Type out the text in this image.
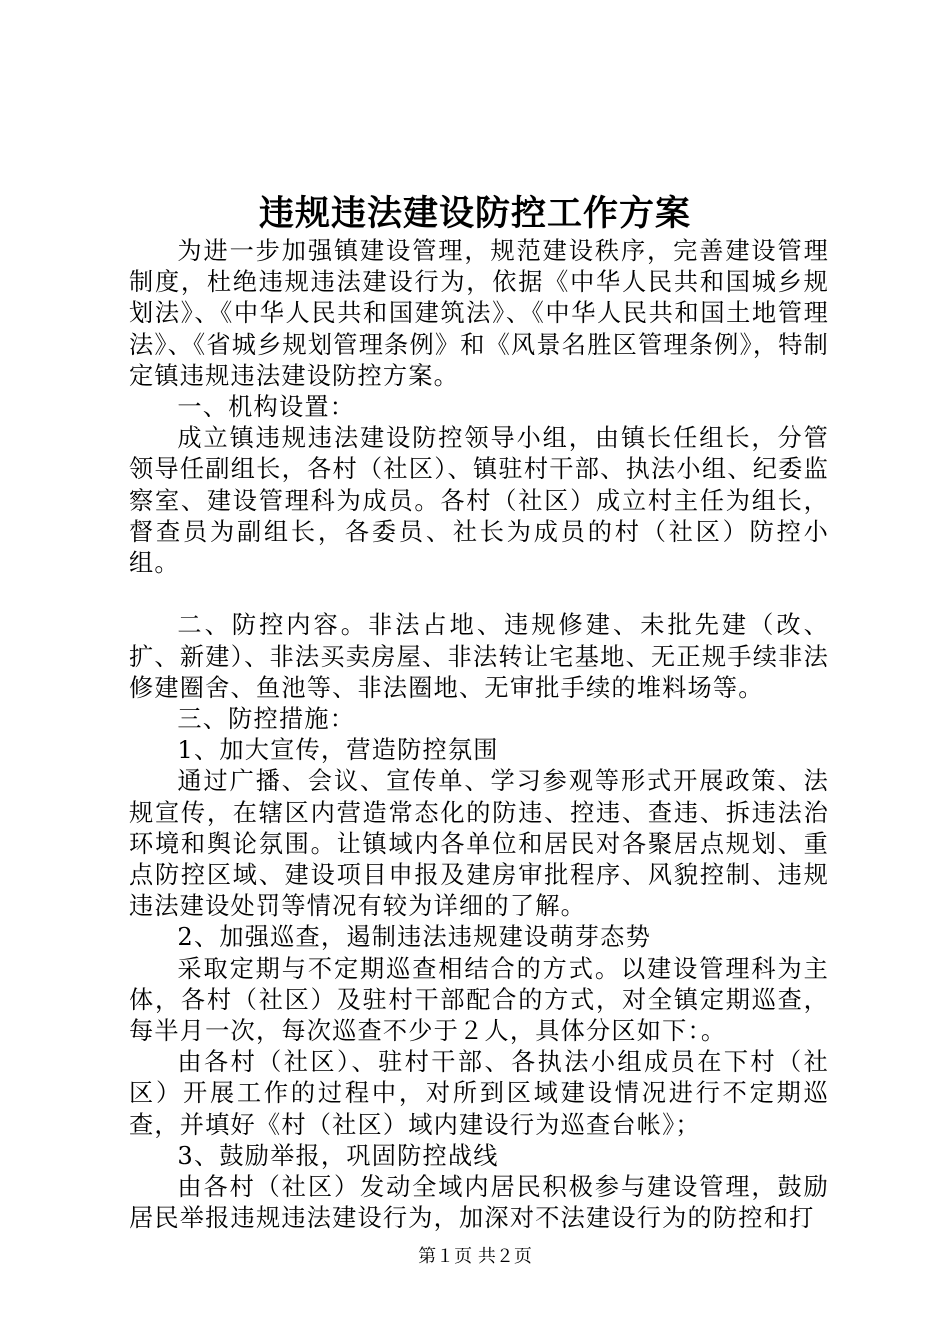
违规违法建设防控工作方案

为进一步加强镇建设管理，规范建设秩序，完善建设管理制度，杜绝违规违法建设行为，依据《中华人民共和国城乡规划法》、《中华人民共和国建筑法》、《中华人民共和国土地管理法》、《省城乡规划管理条例》和《风景名胜区管理条例》，特制定镇违规违法建设防控方案。

一、机构设置：

成立镇违规违法建设防控领导小组，由镇长任组长，分管领导任副组长，各村（社区）、镇驻村干部、执法小组、纪委监察室、建设管理科为成员。各村（社区）成立村主任为组长，督查员为副组长，各委员、社长为成员的村（社区）防控小组。

二、防控内容。非法占地、违规修建、未批先建（改、扩、新建）、非法买卖房屋、非法转让宅基地、无正规手续非法修建圈舍、鱼池等、非法圈地、无审批手续的堆料场等。

三、防控措施：

1、加大宣传，营造防控氛围

通过广播、会议、宣传单、学习参观等形式开展政策、法规宣传，在辖区内营造常态化的防违、控违、查违、拆违法治环境和舆论氛围。让镇域内各单位和居民对各聚居点规划、重点防控区域、建设项目申报及建房审批程序、风貌控制、违规违法建设处罚等情况有较为详细的了解。

2、加强巡查，遏制违法违规建设萌芽态势

采取定期与不定期巡查相结合的方式。以建设管理科为主体，各村（社区）及驻村干部配合的方式，对全镇定期巡查，每半月一次，每次巡查不少于２人，具体分区如下：。

由各村（社区）、驻村干部、各执法小组成员在下村（社区）开展工作的过程中，对所到区域建设情况进行不定期巡查，并填好《村（社区）域内建设行为巡查台帐》；

3、鼓励举报，巩固防控战线

由各村（社区）发动全域内居民积极参与建设管理，鼓励居民举报违规违法建设行为，加深对不法建设行为的防控和打

第１页 共２页
